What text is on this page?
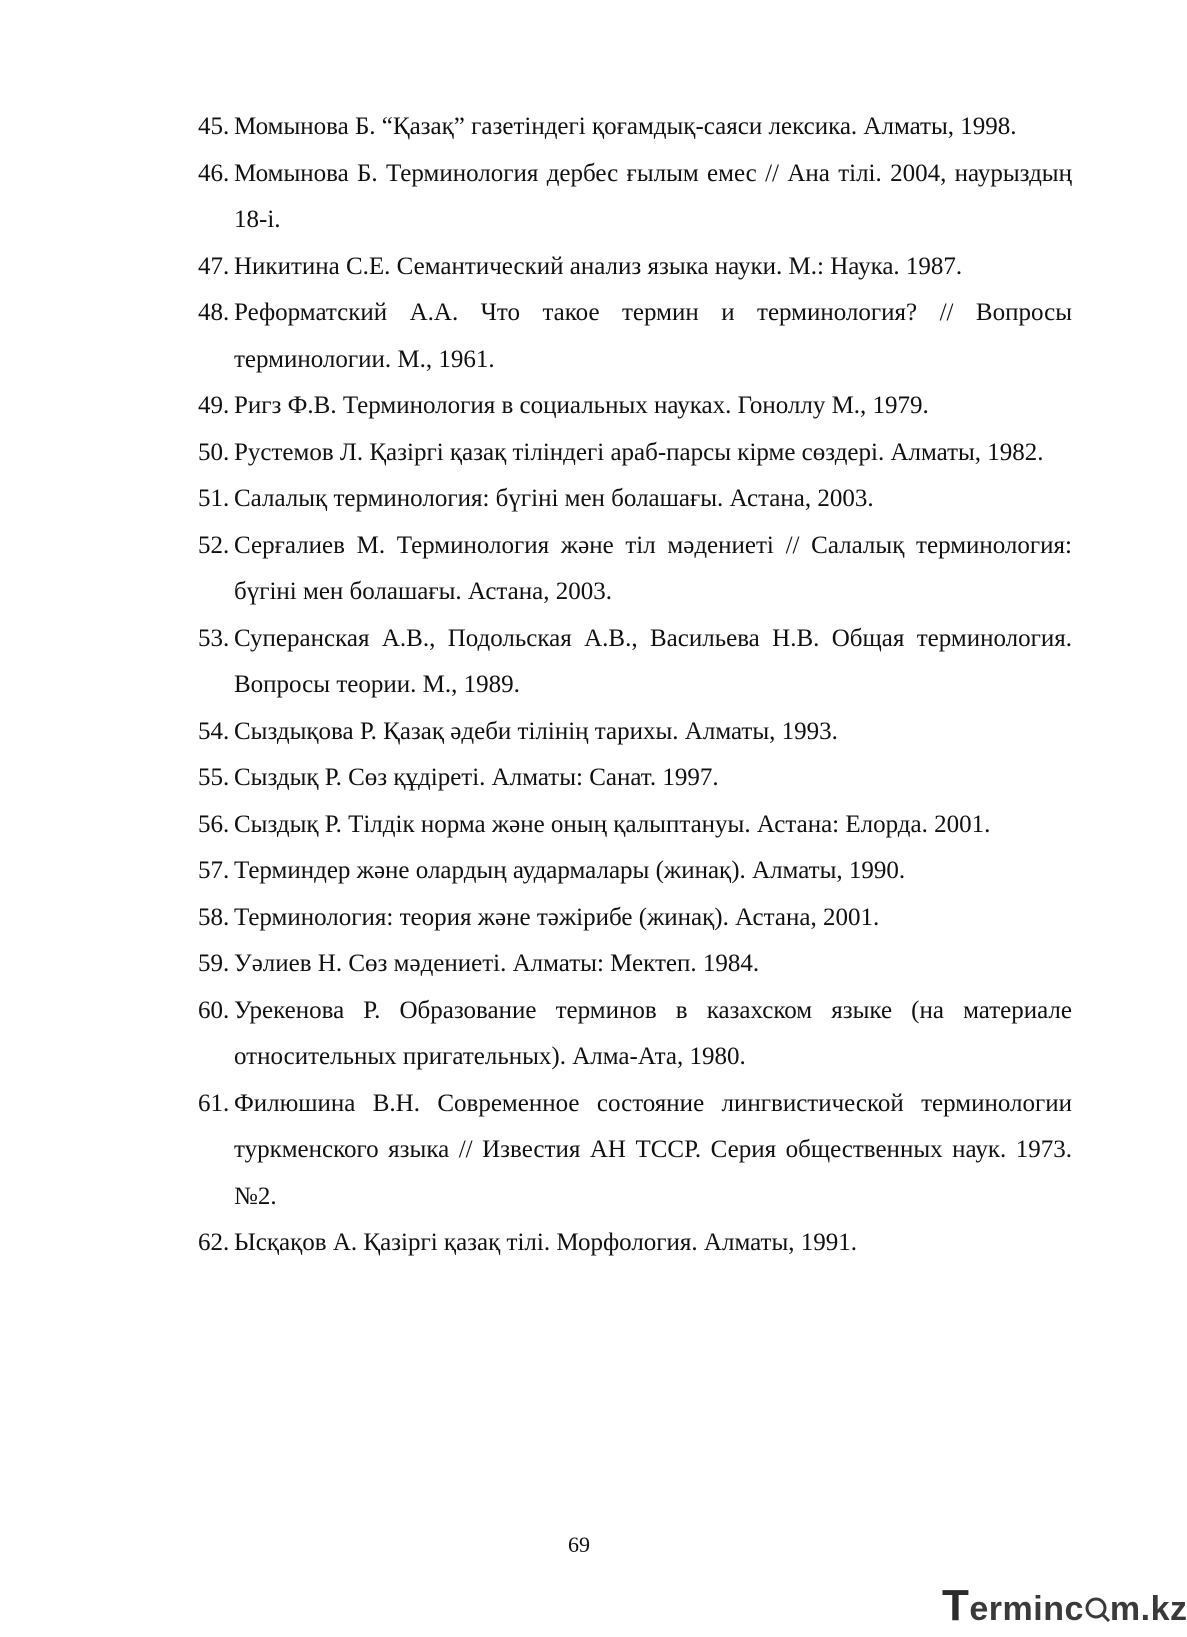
45. Момынова Б. “Қазақ” газетіндегі қоғамдық-саяси лексика. Алматы, 1998.
46. Момынова Б. Терминология дербес ғылым емес // Ана тілі. 2004, наурыздың 18-і.
47. Никитина С.Е. Семантический анализ языка науки. М.: Наука. 1987.
48. Реформатский А.А. Что такое термин и терминология? // Вопросы терминологии. М., 1961.
49. Ригз Ф.В. Терминология в социальных науках. Гоноллу М., 1979.
50. Рустемов Л. Қазіргі қазақ тіліндегі араб-парсы кірме сөздері. Алматы, 1982.
51. Салалық терминология: бүгіні мен болашағы. Астана, 2003.
52. Серғалиев М. Терминология және тіл мәдениеті // Салалық терминология: бүгіні мен болашағы. Астана, 2003.
53. Суперанская А.В., Подольская А.В., Васильева Н.В. Общая терминология. Вопросы теории. М., 1989.
54. Сыздықова Р. Қазақ әдеби тілінің тарихы. Алматы, 1993.
55. Сыздық Р. Сөз құдіреті. Алматы: Санат. 1997.
56. Сыздық Р. Тілдік норма және оның қалыптануы. Астана: Елорда. 2001.
57. Терминдер және олардың аудармалары (жинақ). Алматы, 1990.
58. Терминология: теория және тәжірибе (жинақ). Астана, 2001.
59. Уәлиев Н. Сөз мәдениеті. Алматы: Мектеп. 1984.
60. Урекенова Р. Образование терминов в казахском языке (на материале относительных пригательных). Алма-Ата, 1980.
61. Филюшина В.Н. Современное состояние лингвистической терминологии туркменского языка // Известия АН ТССР. Серия общественных наук. 1973. №2.
62. Ысқақов А. Қазіргі қазақ тілі. Морфология. Алматы, 1991.
69
Terminc m.kz
